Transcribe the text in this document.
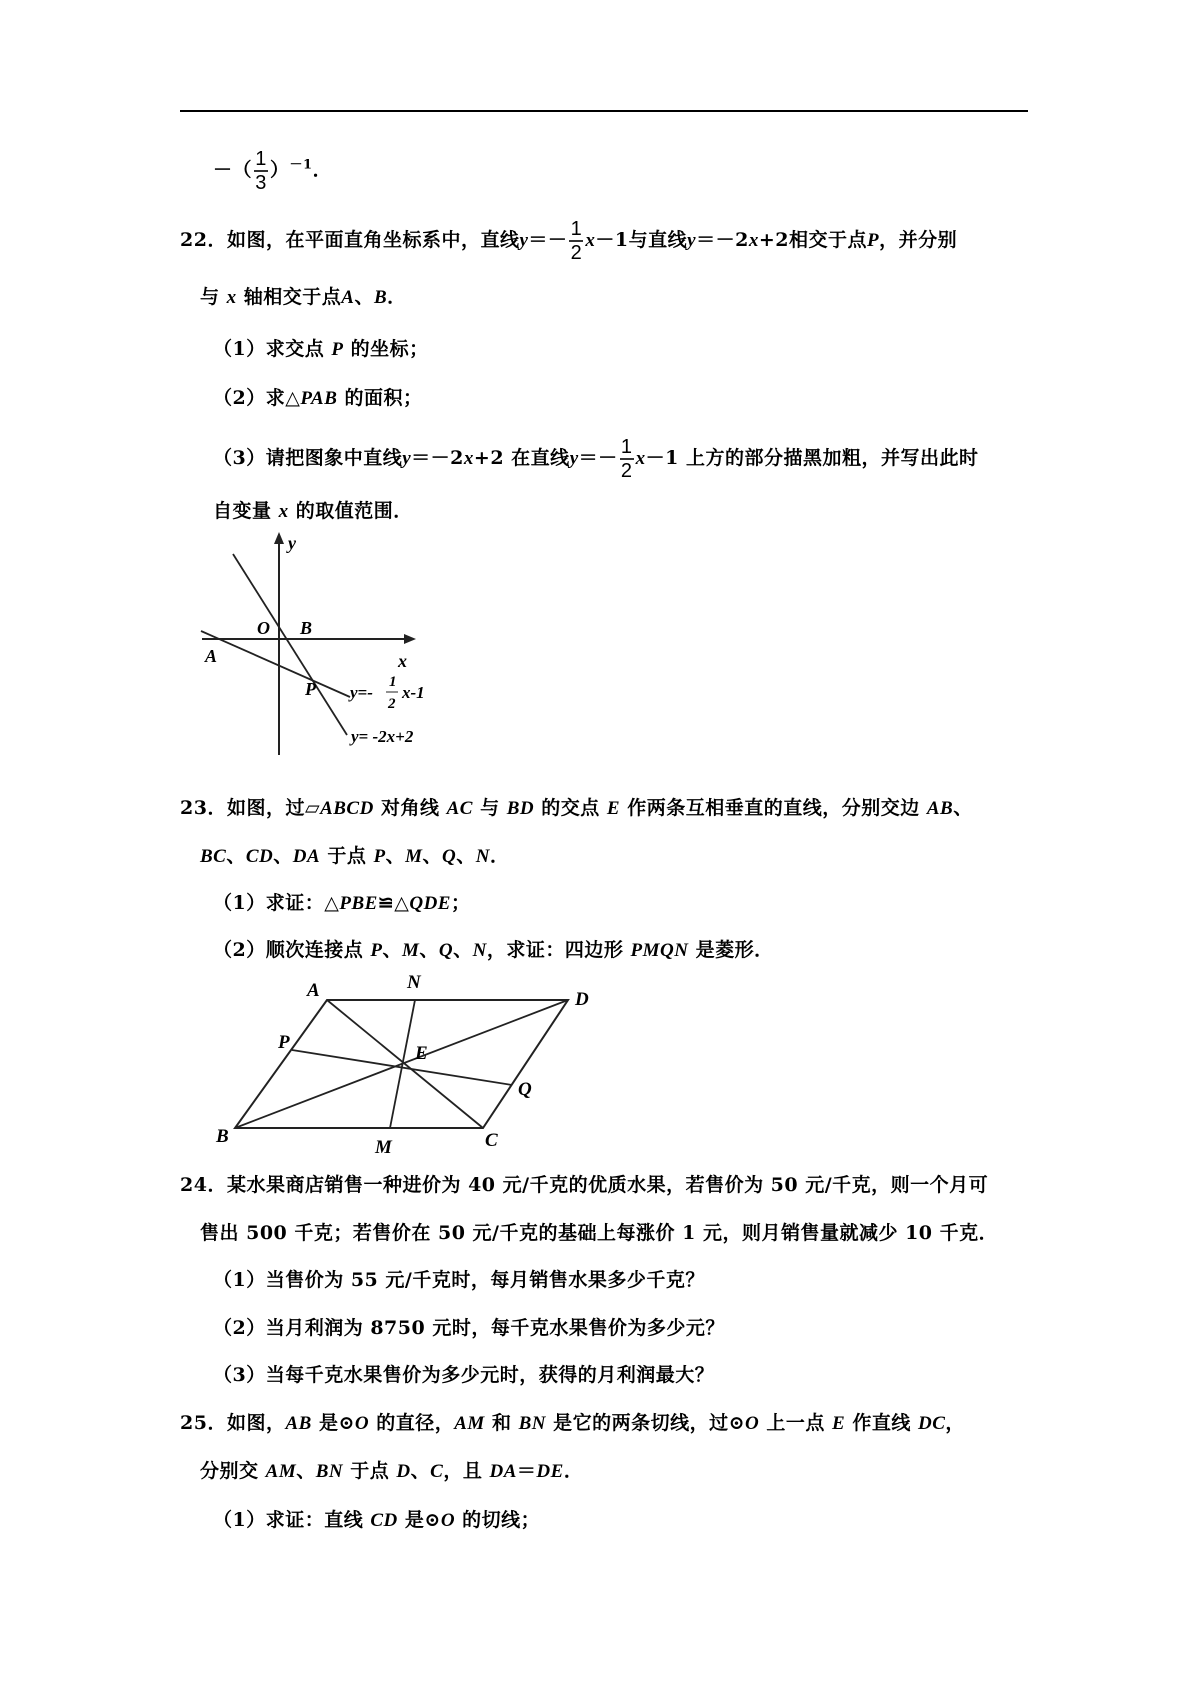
－（ $\frac{1}{3} )^{-1}$．
22．如图，在平面直角坐标系中，直线$y=- \frac{1}{2} x-1$与直线y＝－2x+2相交于点P，并分别
与 x 轴相交于点A、B．
（1）求交点 P 的坐标；
（2）求△PAB 的面积；
（3）请把图象中直线y＝－2x+2 在直线$y=- \frac{1}{2} x-1$ 上方的部分描黑加粗，并写出此时
自变量 x 的取值范围．
y
O B
A	x
P y=-
1
2
x-1
y= -2x+2
23．如图，过▱ABCD 对角线 AC 与 BD 的交点 E 作两条互相垂直的直线，分别交边 AB、
BC、CD、DA 于点 P、M、Q、N．
（1）求证：△PBE≌△QDE；
（2）顺次连接点 P、M、Q、N，求证：四边形 PMQN 是菱形．
A	N
D
P
E
Q
B
M	C
24．某水果商店销售一种进价为 40 元/千克的优质水果，若售价为 50 元/千克，则一个月可
售出 500 千克；若售价在 50 元/千克的基础上每涨价 1 元，则月销售量就减少 10 千克．
（1）当售价为 55 元/千克时，每月销售水果多少千克？
（2）当月利润为 8750 元时，每千克水果售价为多少元？
（3）当每千克水果售价为多少元时，获得的月利润最大？
25．如图，AB 是⊙O 的直径，AM 和 BN 是它的两条切线，过⊙O 上一点 E 作直线 DC，
分别交 AM、BN 于点 D、C，且 DA＝DE．
（1）求证：直线 CD 是⊙O 的切线；
